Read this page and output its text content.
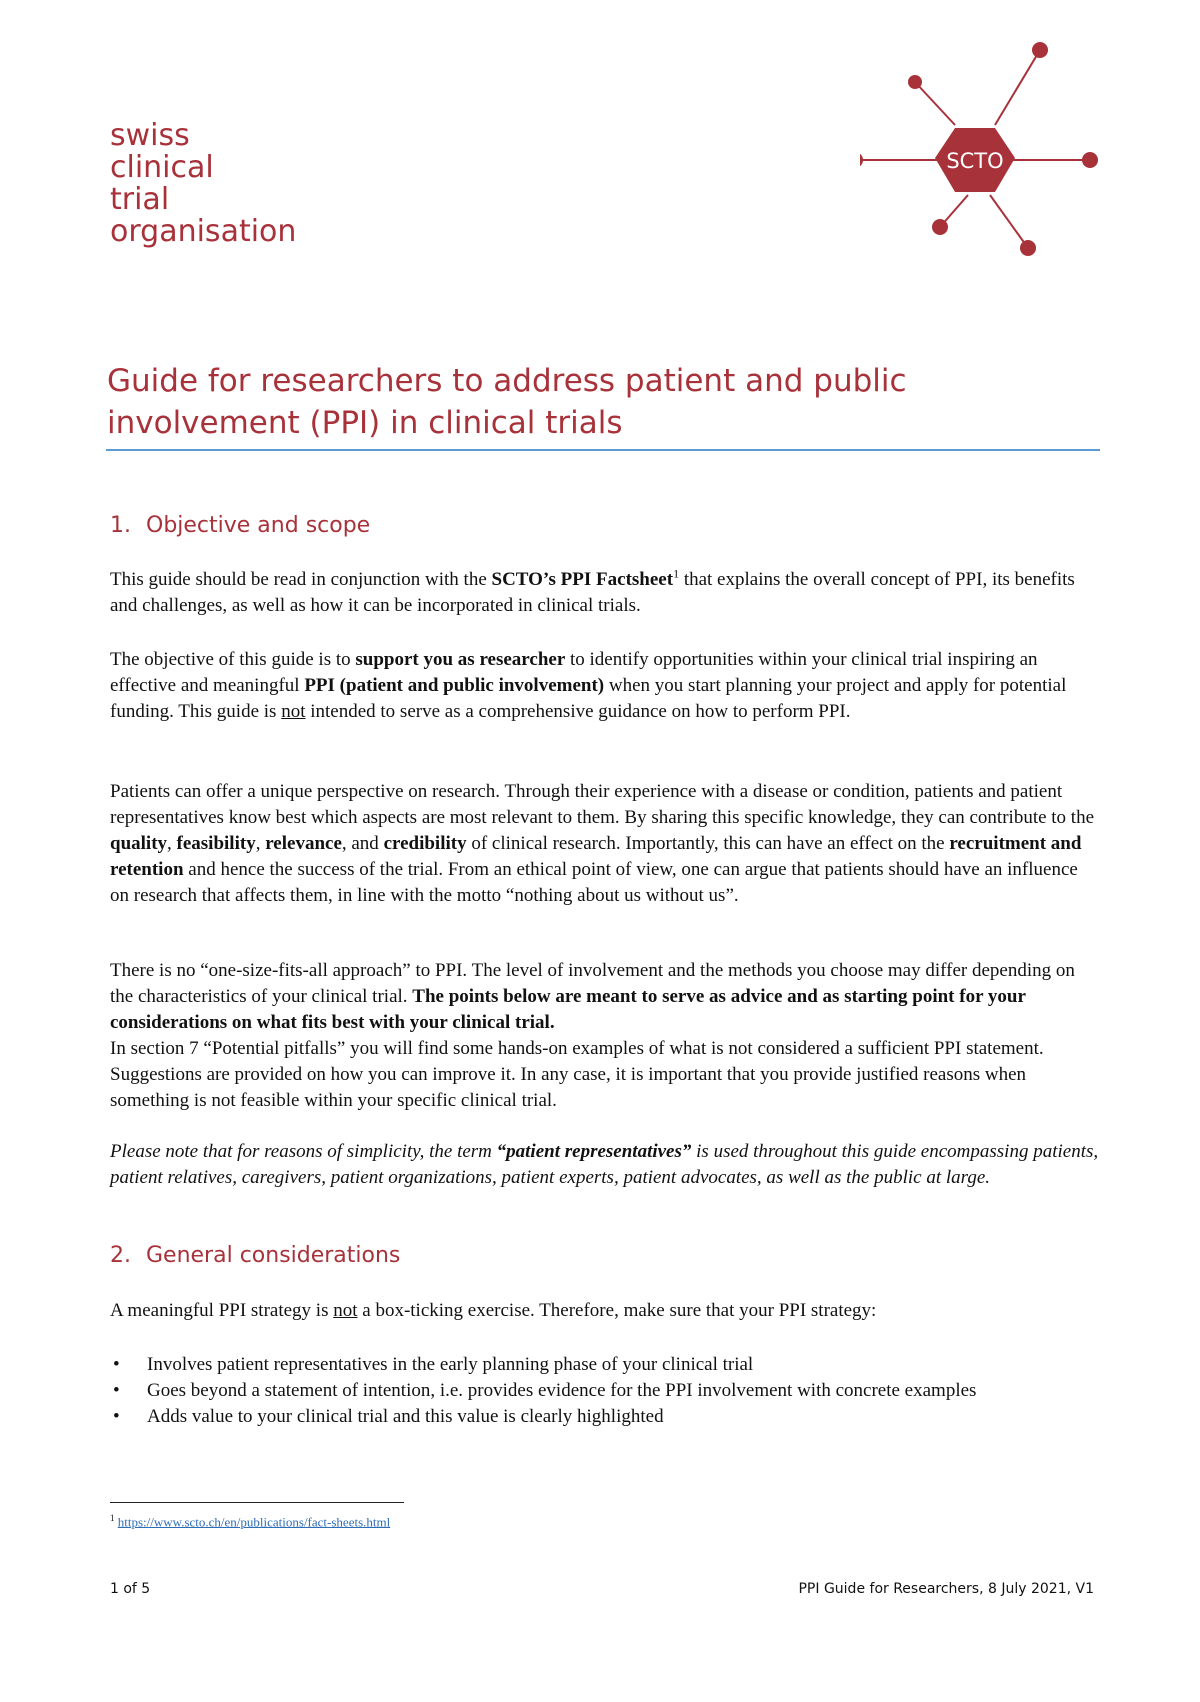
swiss
clinical
trial
organisation
SCTO
Guide for researchers to address patient and public involvement (PPI) in clinical trials
1. Objective and scope

This guide should be read in conjunction with the SCTO’s PPI Factsheet$^1$ that explains the overall concept of PPI, its benefits and challenges, as well as how it can be incorporated in clinical trials.

The objective of this guide is to support you as researcher to identify opportunities within your clinical trial inspiring an effective and meaningful PPI (patient and public involvement) when you start planning your project and apply for potential funding. This guide is not intended to serve as a comprehensive guidance on how to perform PPI.

Patients can offer a unique perspective on research. Through their experience with a disease or condition, patients and patient representatives know best which aspects are most relevant to them. By sharing this specific knowledge, they can contribute to the quality, feasibility, relevance, and credibility of clinical research. Importantly, this can have an effect on the recruitment and retention and hence the success of the trial. From an ethical point of view, one can argue that patients should have an influence on research that affects them, in line with the motto “nothing about us without us”.

There is no “one-size-fits-all approach” to PPI. The level of involvement and the methods you choose may differ depending on the characteristics of your clinical trial. The points below are meant to serve as advice and as starting point for your considerations on what fits best with your clinical trial.
In section 7 “Potential pitfalls” you will find some hands-on examples of what is not considered a sufficient PPI statement. Suggestions are provided on how you can improve it. In any case, it is important that you provide justified reasons when something is not feasible within your specific clinical trial.

Please note that for reasons of simplicity, the term “patient representatives” is used throughout this guide encompassing patients, patient relatives, caregivers, patient organizations, patient experts, patient advocates, as well as the public at large.

2. General considerations

A meaningful PPI strategy is not a box-ticking exercise. Therefore, make sure that your PPI strategy:

• Involves patient representatives in the early planning phase of your clinical trial
• Goes beyond a statement of intention, i.e. provides evidence for the PPI involvement with concrete examples
• Adds value to your clinical trial and this value is clearly highlighted
$^1$ https://www.scto.ch/en/publications/fact-sheets.html
1 of 5	PPI Guide for Researchers, 8 July 2021, V1
